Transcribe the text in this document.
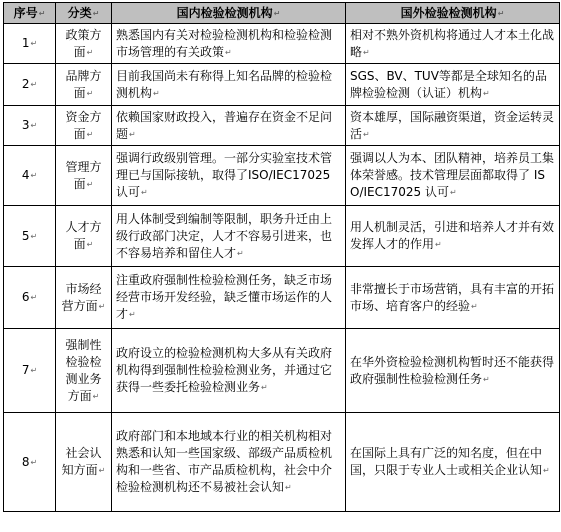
序号↵	分类↵	国内检验检测机构↵	国外检验检测机构↵
1↵	政策方面↵	熟悉国内有关对检验检测机构和检验检测市场管理的有关政策↵	相对不熟外资机构将通过人才本土化战略↵
2↵	品牌方面↵	目前我国尚未有称得上知名品牌的检验检测机构↵	SGS、BV、TUV等都是全球知名的品牌检验检测（认证）机构↵
3↵	资金方面↵	依赖国家财政投入，普遍存在资金不足问题↵	资本雄厚，国际融资渠道，资金运转灵活↵
4↵	管理方面↵	强调行政级别管理。一部分实验室技术管理已与国际接轨，取得了ISO/IEC17025认可↵	强调以人为本、团队精神，培养员工集体荣誉感。技术管理层面都取得了 ISO/IEC17025 认可↵
5↵	人才方面↵	用人体制受到编制等限制，职务升迁由上级行政部门决定，人才不容易引进来，也不容易培养和留住人才↵	用人机制灵活，引进和培养人才并有效发挥人才的作用↵
6↵	市场经营方面↵	注重政府强制性检验检测任务，缺乏市场经营市场开发经验，缺乏懂市场运作的人才↵	非常擅长于市场营销，具有丰富的开拓市场、培育客户的经验↵
7↵	强制性检验检测业务方面↵	政府设立的检验检测机构大多从有关政府机构得到强制性检验检测业务，并通过它获得一些委托检验检测业务↵	在华外资检验检测机构暂时还不能获得政府强制性检验检测任务↵
8↵	社会认知方面↵	政府部门和本地域本行业的相关机构相对熟悉和认知一些国家级、部级产品质检机构和一些省、市产品质检机构，社会中介检验检测机构还不易被社会认知↵	在国际上具有广泛的知名度，但在中国，只限于专业人士或相关企业认知↵
